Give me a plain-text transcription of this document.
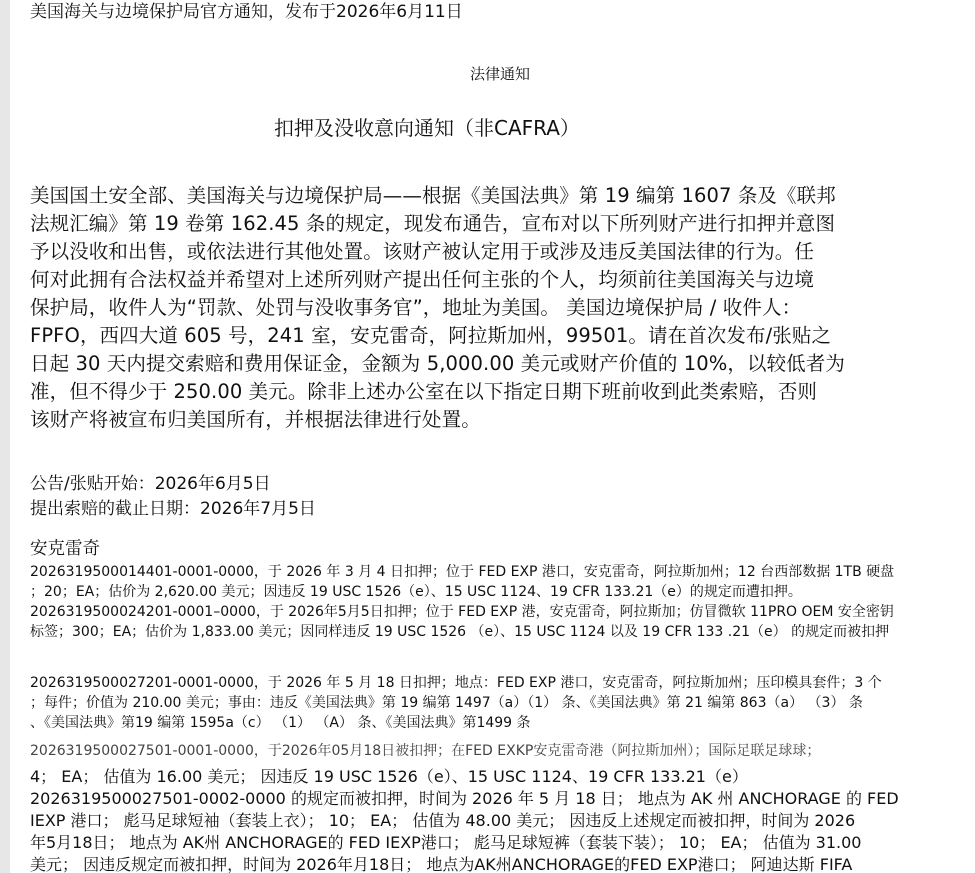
美国海关与边境保护局官方通知，发布于2026年6月11日
法律通知
扣押及没收意向通知（非CAFRA）
美国国土安全部、美国海关与边境保护局——根据《美国法典》第 19 编第 1607 条及《联邦
法规汇编》第 19 卷第 162.45 条的规定，现发布通告，宣布对以下所列财产进行扣押并意图
予以没收和出售，或依法进行其他处置。该财产被认定用于或涉及违反美国法律的行为。任
何对此拥有合法权益并希望对上述所列财产提出任何主张的个人，均须前往美国海关与边境
保护局，收件人为“罚款、处罚与没收事务官”，地址为美国。 美国边境保护局 / 收件人：
FPFO，西四大道 605 号，241 室，安克雷奇，阿拉斯加州，99501。请在首次发布/张贴之
日起 30 天内提交索赔和费用保证金，金额为 5,000.00 美元或财产价值的 10%，以较低者为
准，但不得少于 250.00 美元。除非上述办公室在以下指定日期下班前收到此类索赔，否则
该财产将被宣布归美国所有，并根据法律进行处置。
公告/张贴开始：2026年6月5日
提出索赔的截止日期：2026年7月5日
安克雷奇
2026319500014401-0001-0000，于 2026 年 3 月 4 日扣押；位于 FED EXP 港口，安克雷奇，阿拉斯加州；12 台西部数据 1TB 硬盘
；20；EA；估价为 2,620.00 美元；因违反 19 USC 1526（e）、15 USC 1124、19 CFR 133.21（e）的规定而遭扣押。
2026319500024201-0001–0000，于 2026年5月5日扣押；位于 FED EXP 港，安克雷奇，阿拉斯加；仿冒微软 11PRO OEM 安全密钥
标签；300；EA；估价为 1,833.00 美元；因同样违反 19 USC 1526 （e）、15 USC 1124 以及 19 CFR 133 .21（e） 的规定而被扣押
2026319500027201-0001-0000，于 2026 年 5 月 18 日扣押；地点：FED EXP 港口，安克雷奇，阿拉斯加州；压印模具套件；3 个
；每件；价值为 210.00 美元；事由：违反《美国法典》第 19 编第 1497（a）（1） 条、《美国法典》第 21 编第 863（a） （3） 条
、《美国法典》第19 编第 1595a（c） （1） （A） 条、《美国法典》第1499 条
2026319500027501-0001-0000，于2026年05月18日被扣押；在FED EXKP安克雷奇港（阿拉斯加州）；国际足联足球球；
4； EA； 估值为 16.00 美元； 因违反 19 USC 1526（e）、15 USC 1124、19 CFR 133.21（e）
2026319500027501-0002-0000 的规定而被扣押，时间为 2026 年 5 月 18 日； 地点为 AK 州 ANCHORAGE 的 FED
IEXP 港口； 彪马足球短袖（套装上衣）； 10； EA； 估值为 48.00 美元； 因违反上述规定而被扣押，时间为 2026
年5月18日； 地点为 AK州 ANCHORAGE的 FED IEXP港口； 彪马足球短裤（套装下装）； 10； EA； 估值为 31.00
美元； 因违反规定而被扣押，时间为 2026年月18日； 地点为AK州ANCHORAGE的FED EXP港口； 阿迪达斯 FIFA
